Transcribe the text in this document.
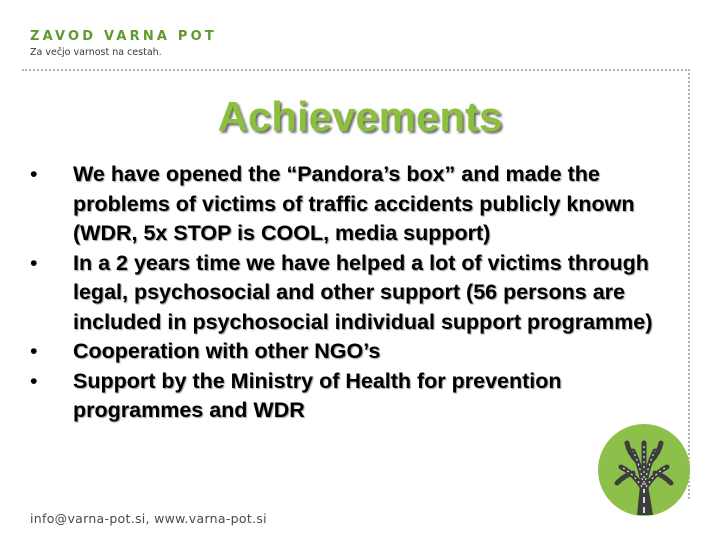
ZAVOD VARNA POT
Za večjo varnost na cestah.
Achievements
•	We have opened the “Pandora’s box” and made the problems of victims of traffic accidents publicly known (WDR, 5x STOP is COOL, media support)
•	In a 2 years time we have helped a lot of victims through legal, psychosocial and other support (56 persons are included in psychosocial individual support programme)
•	Cooperation with other NGO’s
•	Support by the Ministry of Health for prevention programmes and WDR
info@varna-pot.si, www.varna-pot.si
